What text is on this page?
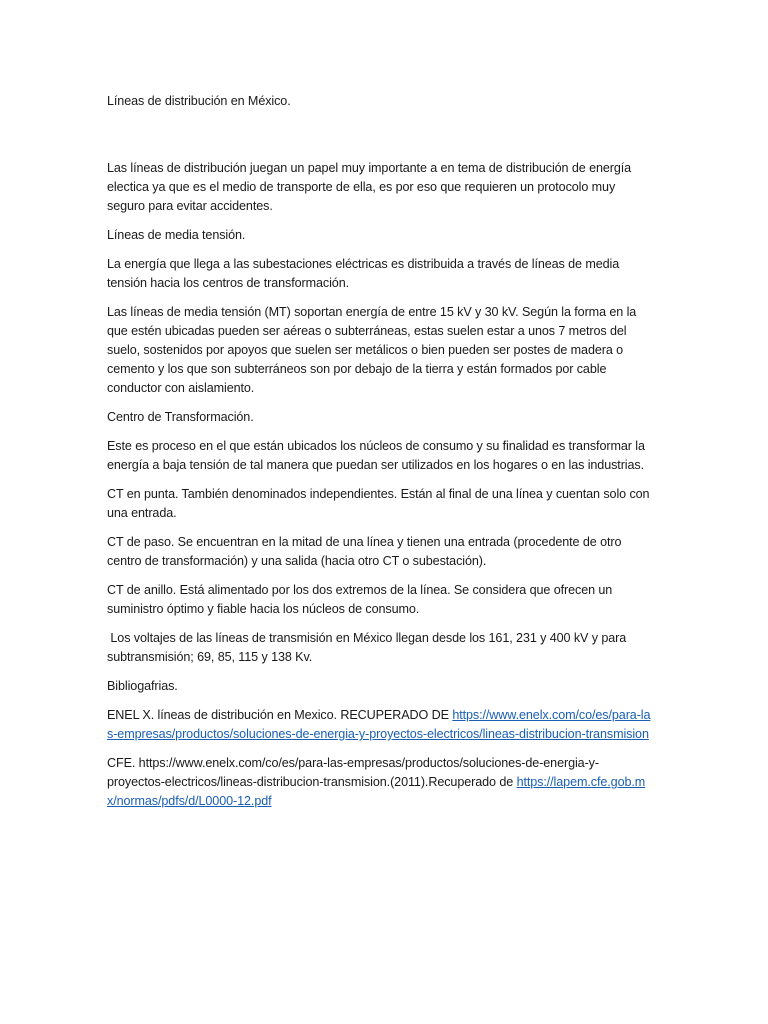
Líneas de distribución en México.

Las líneas de distribución juegan un papel muy importante a en tema de distribución de energía electica ya que es el medio de transporte de ella, es por eso que requieren un protocolo muy seguro para evitar accidentes.

Líneas de media tensión.

La energía que llega a las subestaciones eléctricas es distribuida a través de líneas de media tensión hacia los centros de transformación.

Las líneas de media tensión (MT) soportan energía de entre 15 kV y 30 kV. Según la forma en la que estén ubicadas pueden ser aéreas o subterráneas, estas suelen estar a unos 7 metros del suelo, sostenidos por apoyos que suelen ser metálicos o bien pueden ser postes de madera o cemento y los que son subterráneos son por debajo de la tierra y están formados por cable conductor con aislamiento.

Centro de Transformación.

Este es proceso en el que están ubicados los núcleos de consumo y su finalidad es transformar la energía a baja tensión de tal manera que puedan ser utilizados en los hogares o en las industrias.

CT en punta. También denominados independientes. Están al final de una línea y cuentan solo con una entrada.

CT de paso. Se encuentran en la mitad de una línea y tienen una entrada (procedente de otro centro de transformación) y una salida (hacia otro CT o subestación).

CT de anillo. Está alimentado por los dos extremos de la línea. Se considera que ofrecen un suministro óptimo y fiable hacia los núcleos de consumo.

Los voltajes de las líneas de transmisión en México llegan desde los 161, 231 y 400 kV y para subtransmisión; 69, 85, 115 y 138 Kv.

Bibliogafrias.

ENEL X. líneas de distribución en Mexico. RECUPERADO DE https://www.enelx.com/co/es/para-las-empresas/productos/soluciones-de-energia-y-proyectos-electricos/lineas-distribucion-transmision

CFE. https://www.enelx.com/co/es/para-las-empresas/productos/soluciones-de-energia-y-proyectos-electricos/lineas-distribucion-transmision.(2011).Recuperado de https://lapem.cfe.gob.mx/normas/pdfs/d/L0000-12.pdf
